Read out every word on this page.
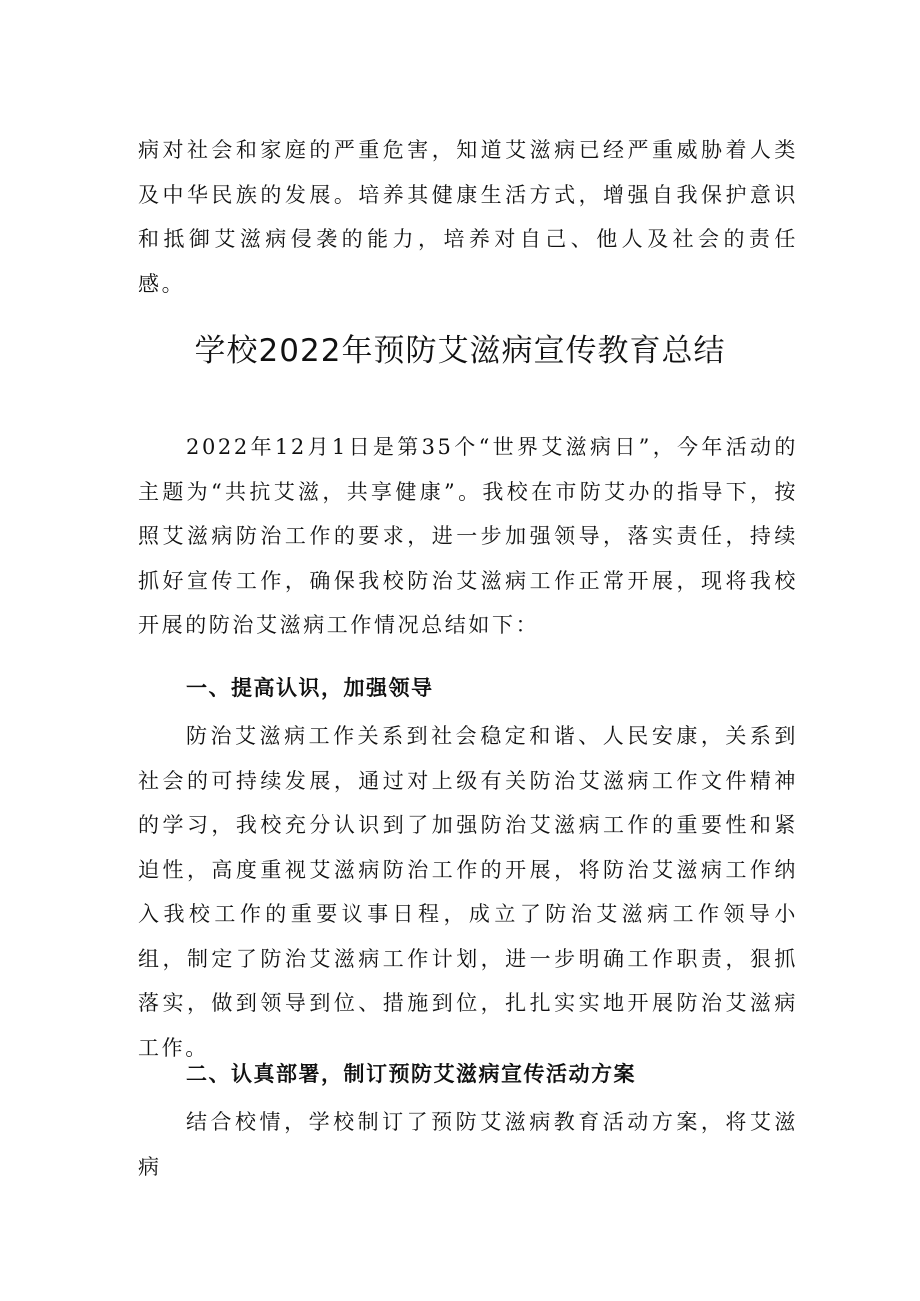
病对社会和家庭的严重危害，知道艾滋病已经严重威胁着人类及中华民族的发展。培养其健康生活方式，增强自我保护意识和抵御艾滋病侵袭的能力，培养对自己、他人及社会的责任感。

学校2022年预防艾滋病宣传教育总结

2022年12月1日是第35个“世界艾滋病日”，今年活动的主题为“共抗艾滋，共享健康”。我校在市防艾办的指导下，按照艾滋病防治工作的要求，进一步加强领导，落实责任，持续抓好宣传工作，确保我校防治艾滋病工作正常开展，现将我校开展的防治艾滋病工作情况总结如下：

一、提高认识，加强领导

防治艾滋病工作关系到社会稳定和谐、人民安康，关系到社会的可持续发展，通过对上级有关防治艾滋病工作文件精神的学习，我校充分认识到了加强防治艾滋病工作的重要性和紧迫性，高度重视艾滋病防治工作的开展，将防治艾滋病工作纳入我校工作的重要议事日程，成立了防治艾滋病工作领导小组，制定了防治艾滋病工作计划，进一步明确工作职责，狠抓落实，做到领导到位、措施到位，扎扎实实地开展防治艾滋病工作。

二、认真部署，制订预防艾滋病宣传活动方案

结合校情，学校制订了预防艾滋病教育活动方案，将艾滋病
